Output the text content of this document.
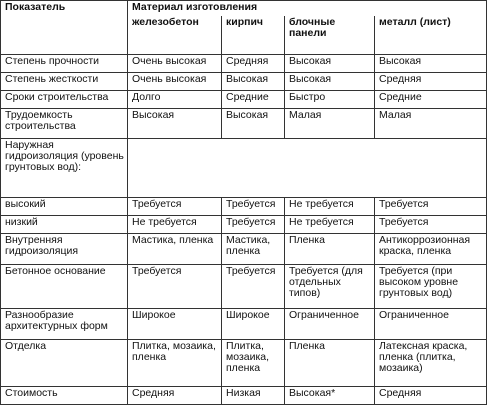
Показатель	Материал изготовления			
	железобетон	кирпич	блочные панели	металл (лист)
Степень прочности	Очень высокая	Средняя	Высокая	Высокая
Степень жесткости	Очень высокая	Высокая	Высокая	Средняя
Сроки строительства	Долго	Средние	Быстро	Средние
Трудоемкость строительства	Высокая	Высокая	Малая	Малая
Наружная гидроизоляция (уровень грунтовых вод):				
высокий	Требуется	Требуется	Не требуется	Требуется
низкий	Не требуется	Требуется	Не требуется	Требуется
Внутренняя гидроизоляция	Мастика, пленка	Мастика, пленка	Пленка	Антикоррозионная краска, пленка
Бетонное основание	Требуется	Требуется	Требуется (для отдельных типов)	Требуется (при высоком уровне грунтовых вод)
Разнообразие архитектурных форм	Широкое	Широкое	Ограниченное	Ограниченное
Отделка	Плитка, мозаика, пленка	Плитка, мозаика, пленка	Пленка	Латексная краска, пленка (плитка, мозаика)
Стоимость	Средняя	Низкая	Высокая*	Средняя
